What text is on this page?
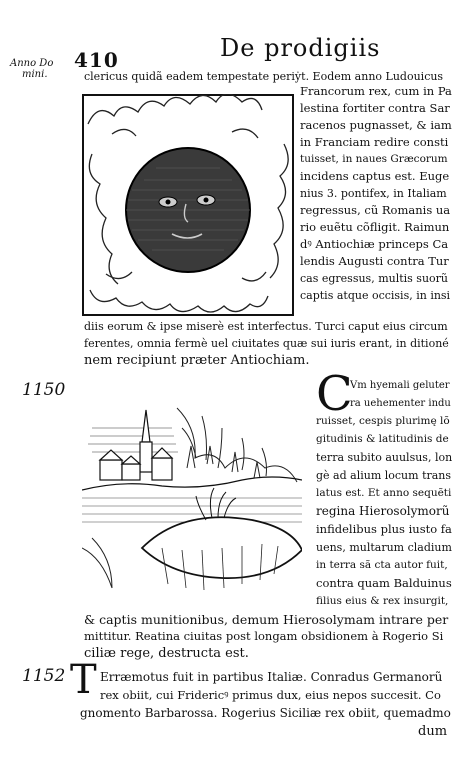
Anno Do
mini.
410	De prodigiis
clericus quidã eadem tempestate periẏt. Eodem anno Ludouicus
Francorum rex, cum in Pa
lestina fortiter contra Sar
racenos pugnasset, & iam
in Franciam redire consti
tuisset, in naues Græcorum
incidens captus est. Euge
nius 3. pontifex, in Italiam
regressus, cũ Romanis ua
rio euẽtu cõfligit. Raimun
dꝰ Antiochiæ princeps Ca
lendis Augusti contra Tur
cas egressus, multis suorũ
captis atque occisis, in insi
diis eorum & ipse miserè est interfectus. Turci caput eius circum
ferentes, omnia fermè uel ciuitates quæ sui iuris erant, in ditioné
nem recipiunt præter Antiochiam.
1150	C
Vm hyemali geluter
ra uehementer indu
ruisset, cespis plurimę lõ
gitudinis & latitudinis de
terra subito auulsus, lon
gè ad alium locum trans
latus est. Et anno sequẽti
regina Hierosolymorũ
infidelibus plus iusto fa
uens, multarum cladium
in terra sã cta autor fuit,
contra quam Balduinus
filius eius & rex insurgit,
& captis munitionibus, demum Hierosolymam intrare per
mittitur. Reatina ciuitas post longam obsidionem à Rogerio Si
ciliæ rege, destructa est.
1152 T Erræmotus fuit in partibus Italiæ. Conradus Germanorũ
rex obiit, cui Fridericꝰ primus dux, eius nepos succesit. Co
gnomento Barbarossa. Rogerius Siciliæ rex obiit, quemadmo
dum
